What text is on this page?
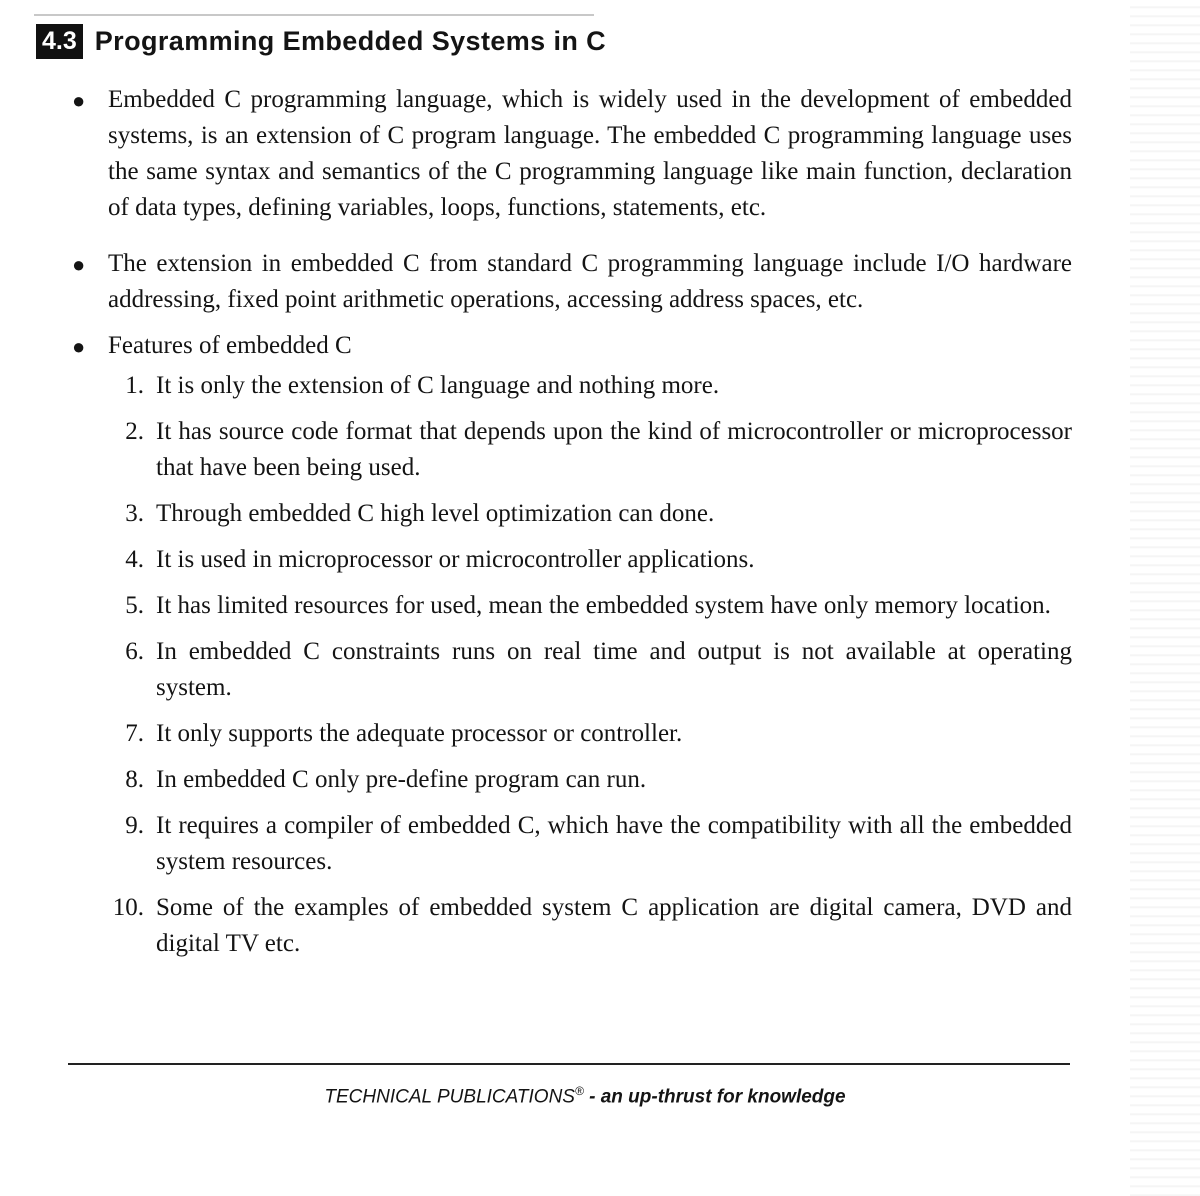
4.3 Programming Embedded Systems in C
● Embedded C programming language, which is widely used in the development of embedded systems, is an extension of C program language. The embedded C programming language uses the same syntax and semantics of the C programming language like main function, declaration of data types, defining variables, loops, functions, statements, etc.
● The extension in embedded C from standard C programming language include I/O hardware addressing, fixed point arithmetic operations, accessing address spaces, etc.
● Features of embedded C
1. It is only the extension of C language and nothing more.
2. It has source code format that depends upon the kind of microcontroller or microprocessor that have been being used.
3. Through embedded C high level optimization can done.
4. It is used in microprocessor or microcontroller applications.
5. It has limited resources for used, mean the embedded system have only memory location.
6. In embedded C constraints runs on real time and output is not available at operating system.
7. It only supports the adequate processor or controller.
8. In embedded C only pre-define program can run.
9. It requires a compiler of embedded C, which have the compatibility with all the embedded system resources.
10. Some of the examples of embedded system C application are digital camera, DVD and digital TV etc.
TECHNICAL PUBLICATIONS® - an up-thrust for knowledge
